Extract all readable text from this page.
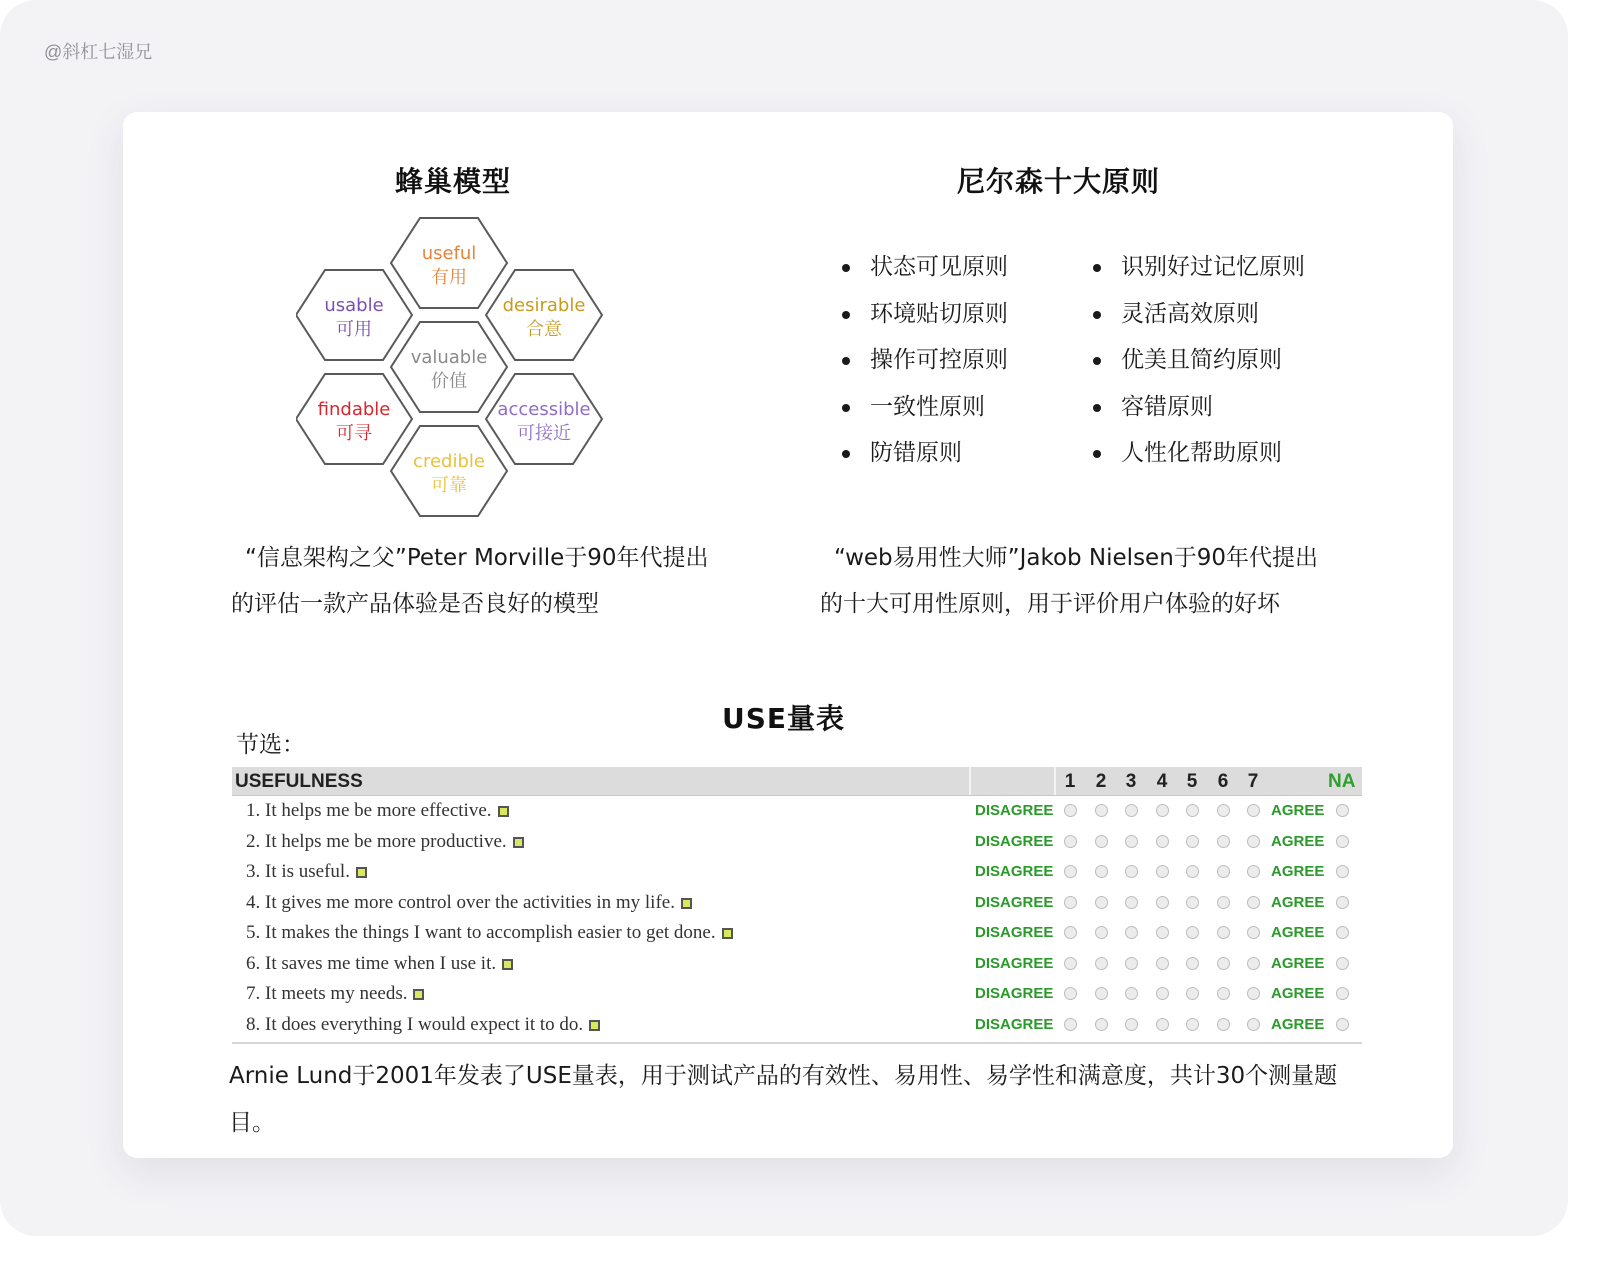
@斜杠七湿兄
蜂巢模型
useful
有用
usable
可用
desirable
合意
valuable
价值
findable
可寻
accessible
可接近
credible
可靠
“信息架构之父”Peter Morville于90年代提出
的评估一款产品体验是否良好的模型
尼尔森十大原则
状态可见原则
环境贴切原则
操作可控原则
一致性原则
防错原则
识别好过记忆原则
灵活高效原则
优美且简约原则
容错原则
人性化帮助原则
“web易用性大师”Jakob Nielsen于90年代提出
的十大可用性原则，用于评价用户体验的好坏
USE量表
节选：
USEFULNESS	1	2	3	4	5	6	7	NA
1. It helps me be more effective.	DISAGREE	AGREE
2. It helps me be more productive.	DISAGREE	AGREE
3. It is useful.	DISAGREE	AGREE
4. It gives me more control over the activities in my life.	DISAGREE	AGREE
5. It makes the things I want to accomplish easier to get done.	DISAGREE	AGREE
6. It saves me time when I use it.	DISAGREE	AGREE
7. It meets my needs.	DISAGREE	AGREE
8. It does everything I would expect it to do.	DISAGREE	AGREE
Arnie Lund于2001年发表了USE量表，用于测试产品的有效性、易用性、易学性和满意度，共计30个测量题目。
